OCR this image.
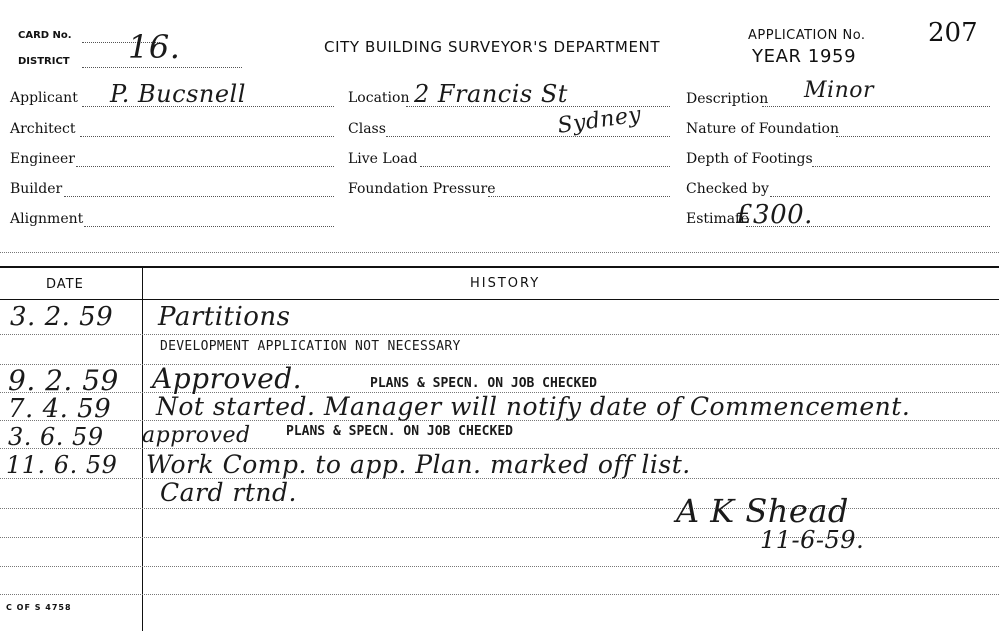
CARD No.
DISTRICT 16.	CITY BUILDING SURVEYOR'S DEPARTMENT
APPLICATION No. 207
YEAR 1959
Applicant P. Bucsnell
Architect
Engineer
Builder
Alignment
Location 2 Francis St
Class	Sydney
Live Load
Foundation Pressure
Description Minor
Nature of Foundation
Depth of Footings
Checked by
Estimate
£300.
DATE	HISTORY
3. 2. 59 Partitions
DEVELOPMENT APPLICATION NOT NECESSARY
9. 2. 59 Approved.	PLANS & SPECN. ON JOB CHECKED
7. 4. 59 Not started. Manager will notify date of Commencement.
3. 6. 59 approved	PLANS & SPECN. ON JOB CHECKED
11. 6. 59 Work Comp. to app. Plan. marked off list.
Card rtnd.	A K Shead
11-6-59.
C OF S 4758
